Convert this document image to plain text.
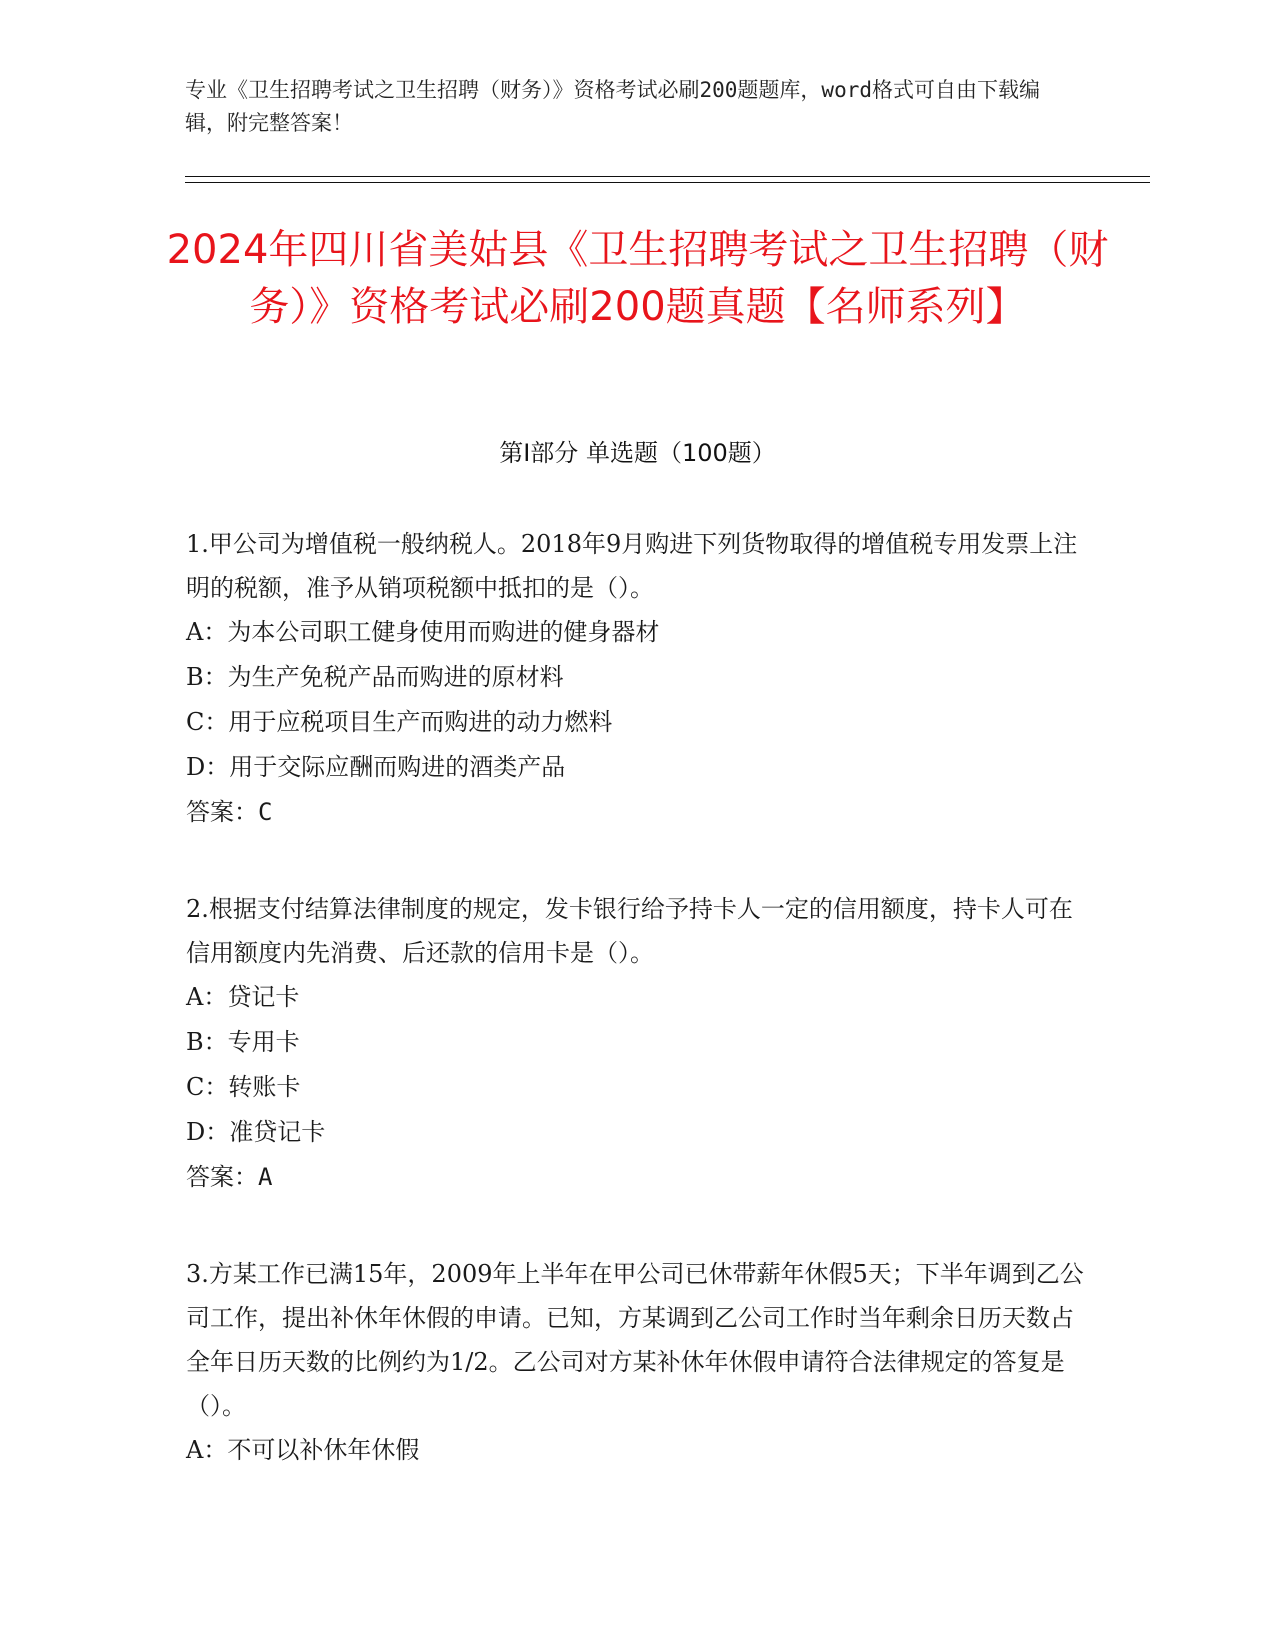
专业《卫生招聘考试之卫生招聘（财务）》资格考试必刷200题题库，word格式可自由下载编辑，附完整答案！
2024年四川省美姑县《卫生招聘考试之卫生招聘（财务）》资格考试必刷200题真题【名师系列】
第I部分 单选题（100题）

1.甲公司为增值税一般纳税人。2018年9月购进下列货物取得的增值税专用发票上注明的税额，准予从销项税额中抵扣的是（）。

A：为本公司职工健身使用而购进的健身器材

B：为生产免税产品而购进的原材料

C：用于应税项目生产而购进的动力燃料

D：用于交际应酬而购进的酒类产品

答案：C

2.根据支付结算法律制度的规定，发卡银行给予持卡人一定的信用额度，持卡人可在信用额度内先消费、后还款的信用卡是（）。

A：贷记卡

B：专用卡

C：转账卡

D：准贷记卡

答案：A

3.方某工作已满15年，2009年上半年在甲公司已休带薪年休假5天；下半年调到乙公司工作，提出补休年休假的申请。已知，方某调到乙公司工作时当年剩余日历天数占全年日历天数的比例约为1/2。乙公司对方某补休年休假申请符合法律规定的答复是（）。

A：不可以补休年休假
